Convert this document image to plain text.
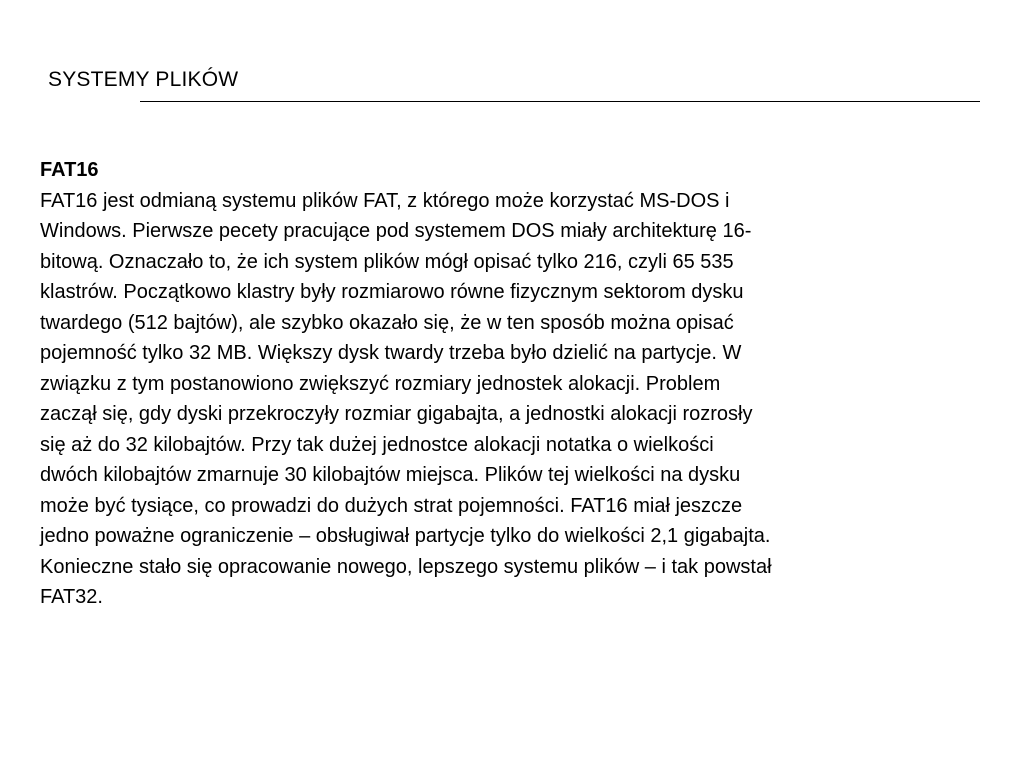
SYSTEMY PLIKÓW
FAT16
FAT16 jest odmianą systemu plików FAT, z którego może korzystać MS-DOS i
Windows. Pierwsze pecety pracujące pod systemem DOS miały architekturę 16-
bitową. Oznaczało to, że ich system plików mógł opisać tylko 216, czyli 65 535
klastrów. Początkowo klastry były rozmiarowo równe fizycznym sektorom dysku
twardego (512 bajtów), ale szybko okazało się, że w ten sposób można opisać
pojemność tylko 32 MB. Większy dysk twardy trzeba było dzielić na partycje. W
związku z tym postanowiono zwiększyć rozmiary jednostek alokacji. Problem
zaczął się, gdy dyski przekroczyły rozmiar gigabajta, a jednostki alokacji rozrosły
się aż do 32 kilobajtów. Przy tak dużej jednostce alokacji notatka o wielkości
dwóch kilobajtów zmarnuje 30 kilobajtów miejsca. Plików tej wielkości na dysku
może być tysiące, co prowadzi do dużych strat pojemności. FAT16 miał jeszcze
jedno poważne ograniczenie – obsługiwał partycje tylko do wielkości 2,1 gigabajta.
Konieczne stało się opracowanie nowego, lepszego systemu plików – i tak powstał
FAT32.
